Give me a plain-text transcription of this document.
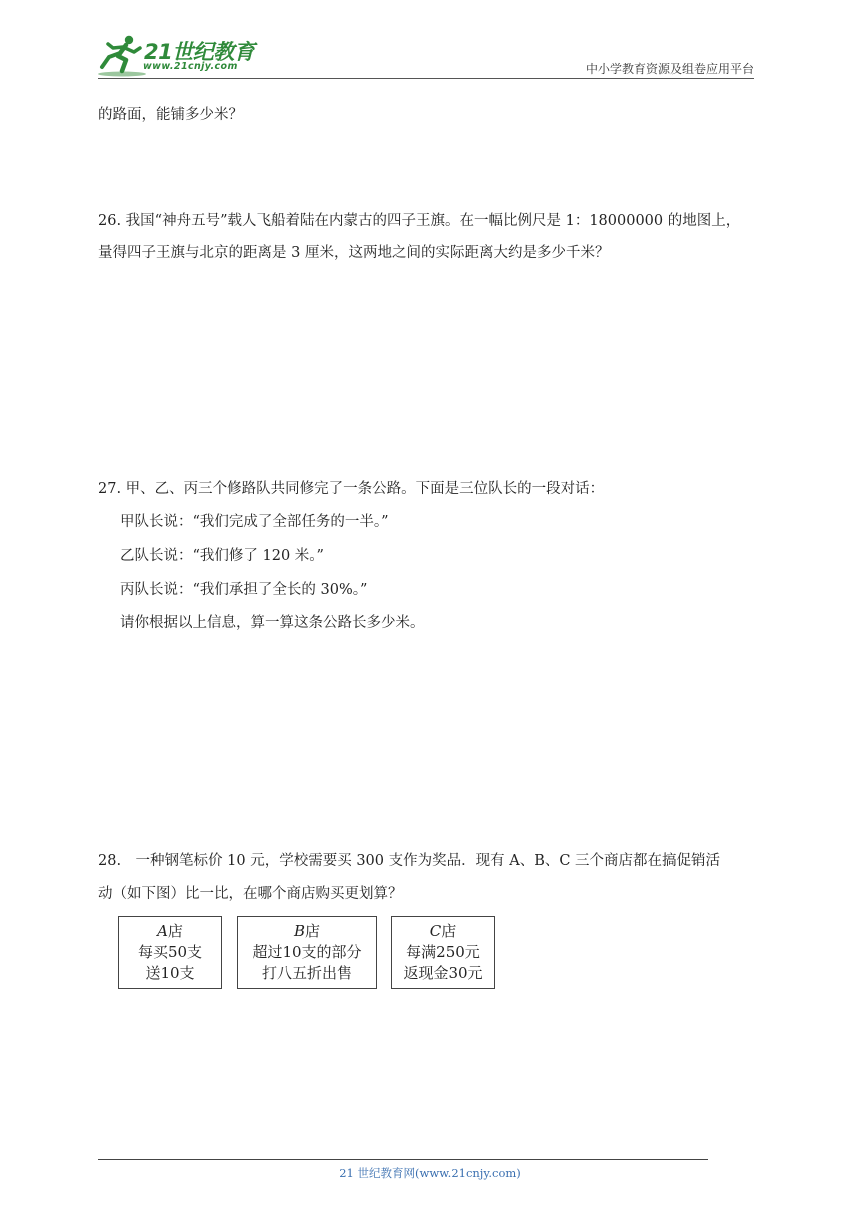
21世纪教育
www.21cnjy.com	中小学教育资源及组卷应用平台
的路面，能铺多少米？
26. 我国“神舟五号”载人飞船着陆在内蒙古的四子王旗。在一幅比例尺是 1：18000000 的地图上，
量得四子王旗与北京的距离是 3 厘米，这两地之间的实际距离大约是多少千米？
27. 甲、乙、丙三个修路队共同修完了一条公路。下面是三位队长的一段对话：
甲队长说：“我们完成了全部任务的一半。”
乙队长说：“我们修了 120 米。”
丙队长说：“我们承担了全长的 30%。”
请你根据以上信息，算一算这条公路长多少米。
28.　一种钢笔标价 10 元，学校需要买 300 支作为奖品．现有 A、B、C 三个商店都在搞促销活
动（如下图）比一比，在哪个商店购买更划算？
A店
每买50支
送10支
B店
超过10支的部分
打八五折出售
C店
每满250元
返现金30元
21 世纪教育网(www.21cnjy.com)
